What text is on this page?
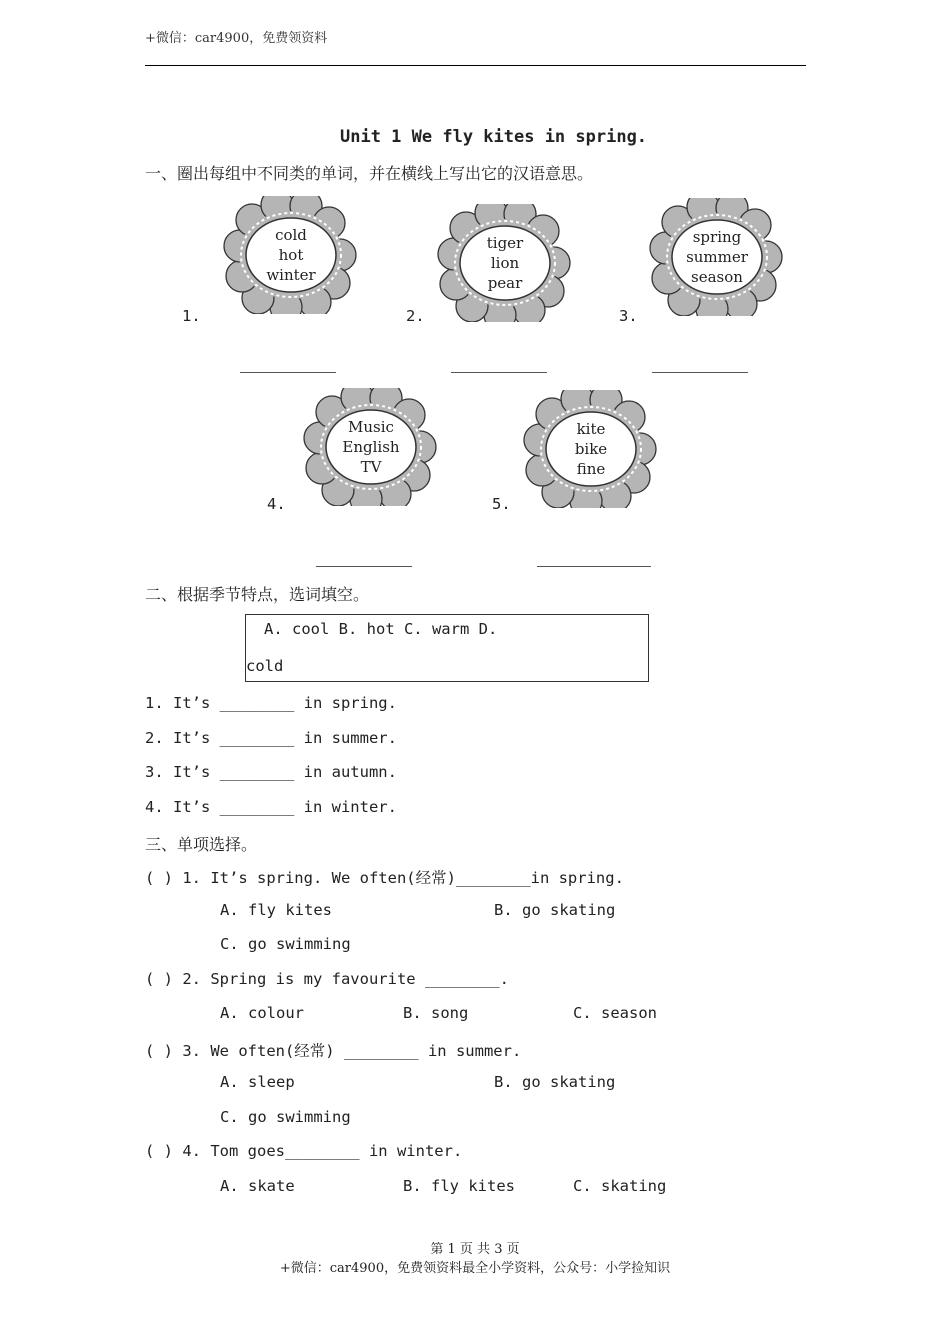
+微信：car4900，免费领资料
Unit 1 We fly kites in spring.
一、圈出每组中不同类的单词，并在横线上写出它的汉语意思。
cold
hot
winter
1.
tiger
lion
pear
2.
spring
summer
season
3.
Music
English
TV
4.
kite
bike
fine
5.
二、根据季节特点，选词填空。
A. cool B. hot C. warm D.
cold
1. It’s ________ in spring.
2. It’s ________ in summer.
3. It’s ________ in autumn.
4. It’s ________ in winter.
三、单项选择。
( ) 1. It’s spring. We often(经常)________in spring.
A. fly kites	B. go skating
C. go swimming
( ) 2. Spring is my favourite ________.
A. colour	B. song	C. season
( ) 3. We often(经常) ________ in summer.
A. sleep	B. go skating
C. go swimming
( ) 4. Tom goes________ in winter.
A. skate	B. fly kites	C. skating
第 1 页 共 3 页
+微信：car4900，免费领资料最全小学资料，公众号：小学捡知识
